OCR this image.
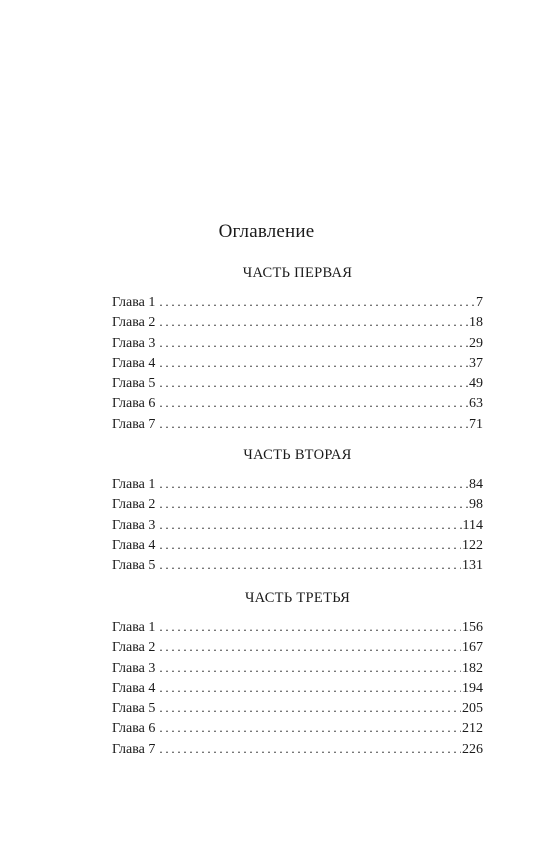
Оглавление
ЧАСТЬ ПЕРВАЯ
Глава 1 . . .	7
Глава 2 . . .	18
Глава 3 . . .	29
Глава 4 . . .	37
Глава 5 . . .	49
Глава 6 . . .	63
Глава 7 . . .	71
ЧАСТЬ ВТОРАЯ
Глава 1 . . .	84
Глава 2 . . .	98
Глава 3 . . .	114
Глава 4 . . .	122
Глава 5 . . .	131
ЧАСТЬ ТРЕТЬЯ
Глава 1 . . .	156
Глава 2 . . .	167
Глава 3 . . .	182
Глава 4 . . .	194
Глава 5 . . .	205
Глава 6 . . .	212
Глава 7 . . .	226
